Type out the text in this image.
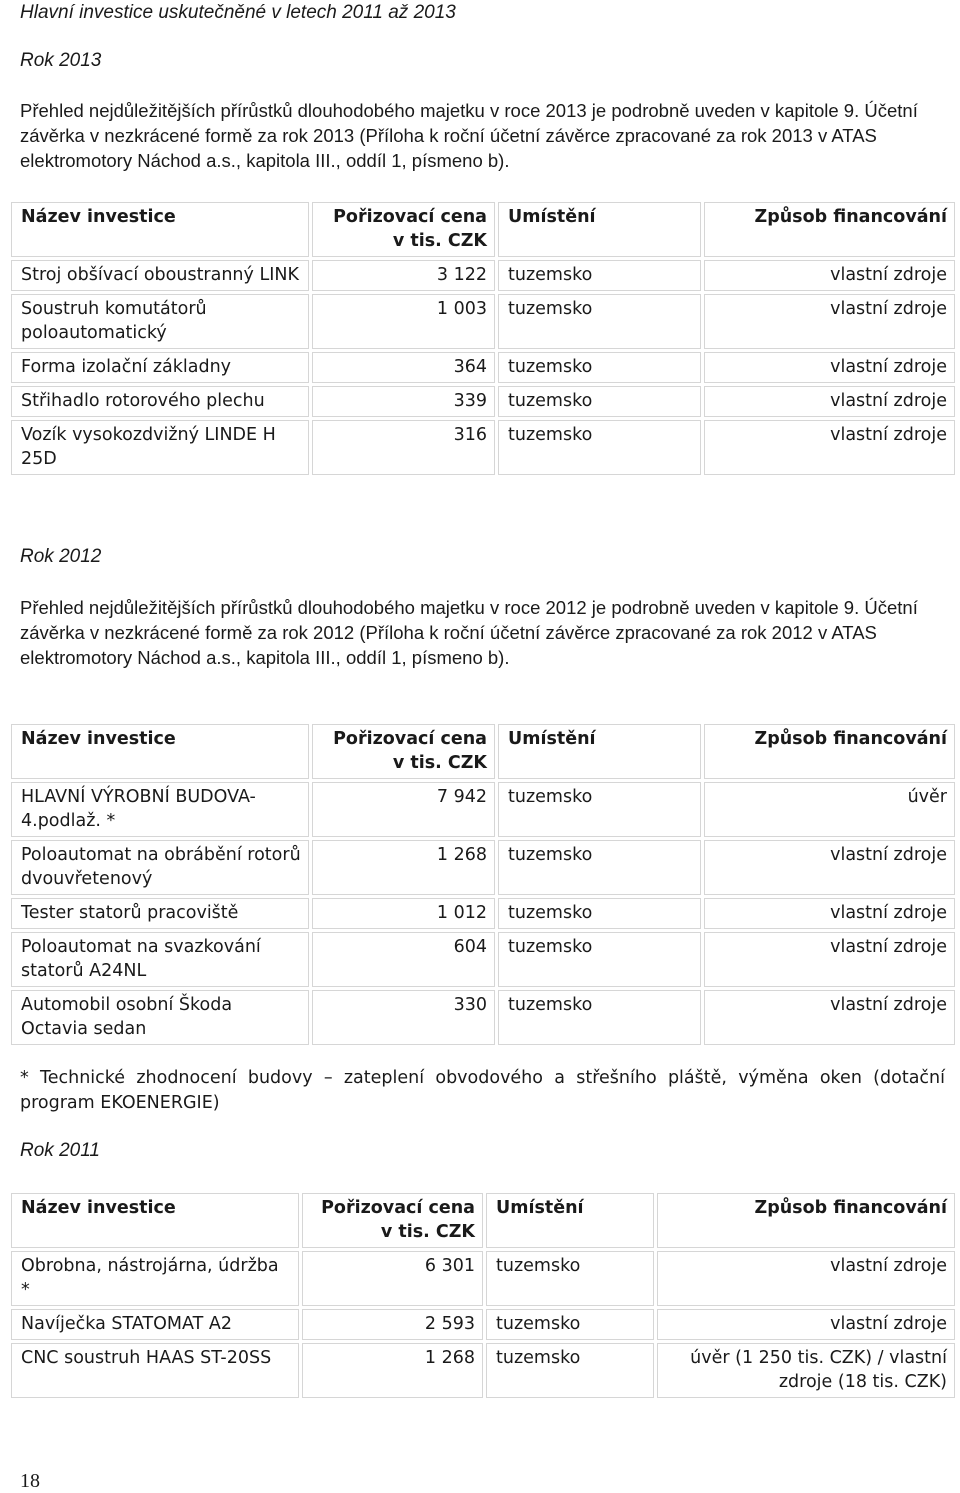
Hlavní investice uskutečněné v letech 2011 až 2013
Rok 2013

Přehled nejdůležitějších přírůstků dlouhodobého majetku v roce 2013 je podrobně uveden v kapitole 9. Účetní závěrka v nezkrácené formě za rok 2013 (Příloha k roční účetní závěrce zpracované za rok 2013 v ATAS elektromotory Náchod a.s., kapitola III., oddíl 1, písmeno b).

Název investice	Pořizovací cena v tis. CZK	Umístění	Způsob financování
Stroj obšívací oboustranný LINK	3 122	tuzemsko	vlastní zdroje
Soustruh komutátorů poloautomatický	1 003	tuzemsko	vlastní zdroje
Forma izolační základny	364	tuzemsko	vlastní zdroje
Střihadlo rotorového plechu	339	tuzemsko	vlastní zdroje
Vozík vysokozdvižný LINDE H 25D	316	tuzemsko	vlastní zdroje
Rok 2012

Přehled nejdůležitějších přírůstků dlouhodobého majetku v roce 2012 je podrobně uveden v kapitole 9. Účetní závěrka v nezkrácené formě za rok 2012 (Příloha k roční účetní závěrce zpracované za rok 2012 v ATAS elektromotory Náchod a.s., kapitola III., oddíl 1, písmeno b).

Název investice	Pořizovací cena v tis. CZK	Umístění	Způsob financování
HLAVNÍ VÝROBNÍ BUDOVA-4.podlaž. *	7 942	tuzemsko	úvěr
Poloautomat na obrábění rotorů dvouvřetenový	1 268	tuzemsko	vlastní zdroje
Tester statorů pracoviště	1 012	tuzemsko	vlastní zdroje
Poloautomat na svazkování statorů A24NL	604	tuzemsko	vlastní zdroje
Automobil osobní Škoda Octavia sedan	330	tuzemsko	vlastní zdroje
* Technické zhodnocení budovy – zateplení obvodového a střešního pláště, výměna oken (dotační program EKOENERGIE)
Rok 2011
Název investice	Pořizovací cena v tis. CZK	Umístění	Způsob financování
Obrobna, nástrojárna, údržba *	6 301	tuzemsko	vlastní zdroje
Navíječka STATOMAT A2	2 593	tuzemsko	vlastní zdroje
CNC soustruh HAAS ST-20SS	1 268	tuzemsko	úvěr (1 250 tis. CZK) / vlastní zdroje (18 tis. CZK)
18
